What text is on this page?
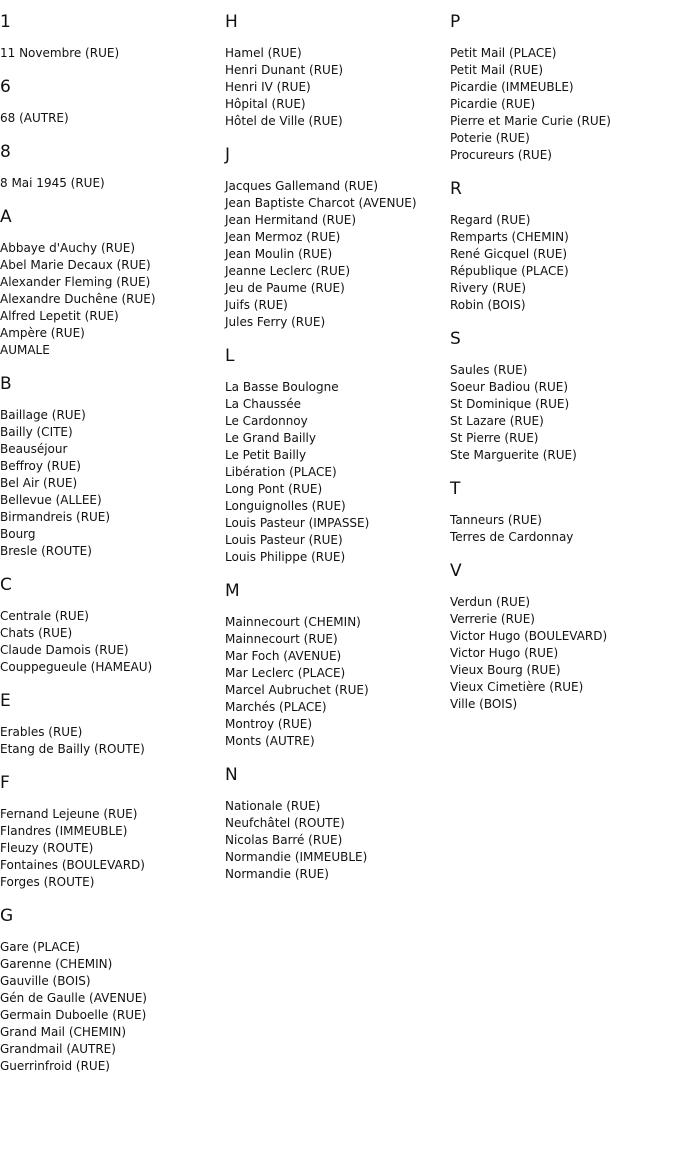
1
11 Novembre (RUE)
6
68 (AUTRE)
8
8 Mai 1945 (RUE)
A
Abbaye d'Auchy (RUE)
Abel Marie Decaux (RUE)
Alexander Fleming (RUE)
Alexandre Duchêne (RUE)
Alfred Lepetit (RUE)
Ampère (RUE)
AUMALE
B
Baillage (RUE)
Bailly (CITE)
Beauséjour
Beffroy (RUE)
Bel Air (RUE)
Bellevue (ALLEE)
Birmandreis (RUE)
Bourg
Bresle (ROUTE)
C
Centrale (RUE)
Chats (RUE)
Claude Damois (RUE)
Couppegueule (HAMEAU)
E
Erables (RUE)
Etang de Bailly (ROUTE)
F
Fernand Lejeune (RUE)
Flandres (IMMEUBLE)
Fleuzy (ROUTE)
Fontaines (BOULEVARD)
Forges (ROUTE)
G
Gare (PLACE)
Garenne (CHEMIN)
Gauville (BOIS)
Gén de Gaulle (AVENUE)
Germain Duboelle (RUE)
Grand Mail (CHEMIN)
Grandmail (AUTRE)
Guerrinfroid (RUE)
H
Hamel (RUE)
Henri Dunant (RUE)
Henri IV (RUE)
Hôpital (RUE)
Hôtel de Ville (RUE)
J
Jacques Gallemand (RUE)
Jean Baptiste Charcot (AVENUE)
Jean Hermitand (RUE)
Jean Mermoz (RUE)
Jean Moulin (RUE)
Jeanne Leclerc (RUE)
Jeu de Paume (RUE)
Juifs (RUE)
Jules Ferry (RUE)
L
La Basse Boulogne
La Chaussée
Le Cardonnoy
Le Grand Bailly
Le Petit Bailly
Libération (PLACE)
Long Pont (RUE)
Longuignolles (RUE)
Louis Pasteur (IMPASSE)
Louis Pasteur (RUE)
Louis Philippe (RUE)
M
Mainnecourt (CHEMIN)
Mainnecourt (RUE)
Mar Foch (AVENUE)
Mar Leclerc (PLACE)
Marcel Aubruchet (RUE)
Marchés (PLACE)
Montroy (RUE)
Monts (AUTRE)
N
Nationale (RUE)
Neufchâtel (ROUTE)
Nicolas Barré (RUE)
Normandie (IMMEUBLE)
Normandie (RUE)
P
Petit Mail (PLACE)
Petit Mail (RUE)
Picardie (IMMEUBLE)
Picardie (RUE)
Pierre et Marie Curie (RUE)
Poterie (RUE)
Procureurs (RUE)
R
Regard (RUE)
Remparts (CHEMIN)
René Gicquel (RUE)
République (PLACE)
Rivery (RUE)
Robin (BOIS)
S
Saules (RUE)
Soeur Badiou (RUE)
St Dominique (RUE)
St Lazare (RUE)
St Pierre (RUE)
Ste Marguerite (RUE)
T
Tanneurs (RUE)
Terres de Cardonnay
V
Verdun (RUE)
Verrerie (RUE)
Victor Hugo (BOULEVARD)
Victor Hugo (RUE)
Vieux Bourg (RUE)
Vieux Cimetière (RUE)
Ville (BOIS)
